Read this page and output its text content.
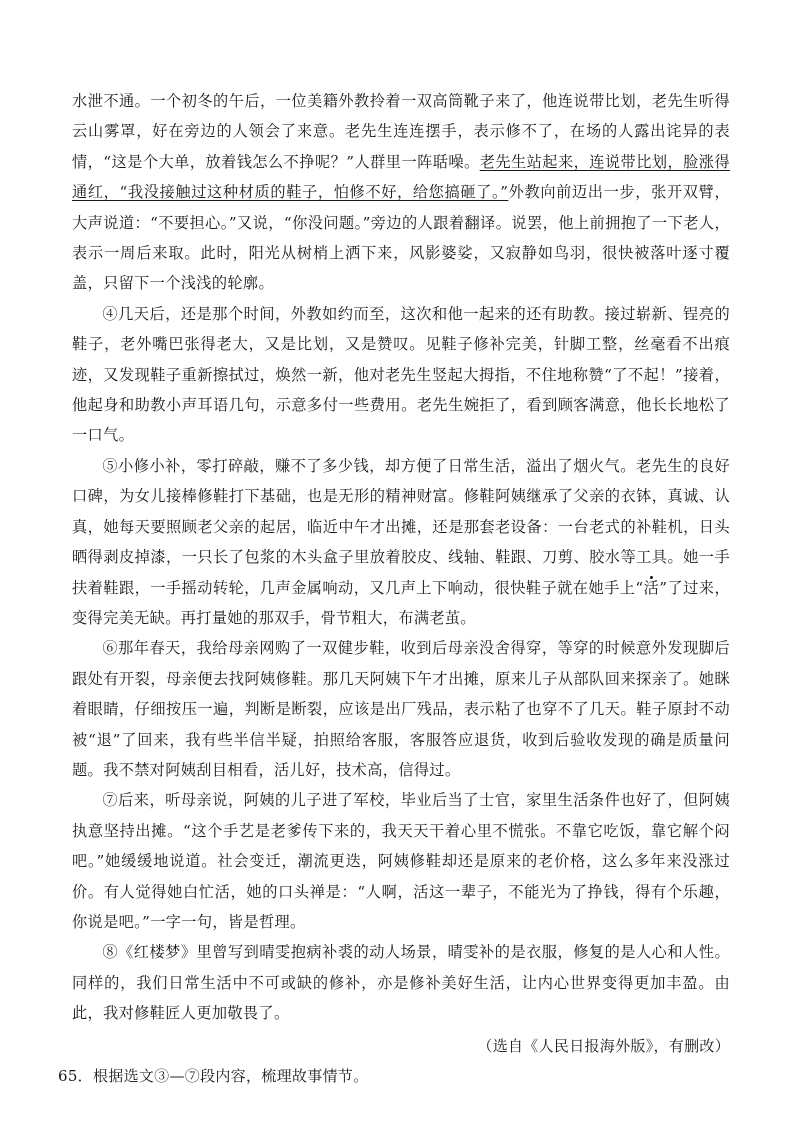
水泄不通。一个初冬的午后，一位美籍外教拎着一双高筒靴子来了，他连说带比划，老先生听得云山雾罩，好在旁边的人领会了来意。老先生连连摆手，表示修不了，在场的人露出诧异的表情，“这是个大单，放着钱怎么不挣呢？”人群里一阵聒噪。老先生站起来，连说带比划，脸涨得通红，“我没接触过这种材质的鞋子，怕修不好，给您搞砸了。”外教向前迈出一步，张开双臂，大声说道：“不要担心。”又说，“你没问题。”旁边的人跟着翻译。说罢，他上前拥抱了一下老人，表示一周后来取。此时，阳光从树梢上洒下来，风影婆娑，又寂静如鸟羽，很快被落叶逐寸覆盖，只留下一个浅浅的轮廓。

④几天后，还是那个时间，外教如约而至，这次和他一起来的还有助教。接过崭新、锃亮的鞋子，老外嘴巴张得老大，又是比划，又是赞叹。见鞋子修补完美，针脚工整，丝毫看不出痕迹，又发现鞋子重新擦拭过，焕然一新，他对老先生竖起大拇指，不住地称赞“了不起！”接着，他起身和助教小声耳语几句，示意多付一些费用。老先生婉拒了，看到顾客满意，他长长地松了一口气。

⑤小修小补，零打碎敲，赚不了多少钱，却方便了日常生活，溢出了烟火气。老先生的良好口碑，为女儿接棒修鞋打下基础，也是无形的精神财富。修鞋阿姨继承了父亲的衣钵，真诚、认真，她每天要照顾老父亲的起居，临近中午才出摊，还是那套老设备：一台老式的补鞋机，日头晒得剥皮掉漆，一只长了包浆的木头盒子里放着胶皮、线轴、鞋跟、刀剪、胶水等工具。她一手扶着鞋跟，一手摇动转轮，几声金属响动，又几声上下响动，很快鞋子就在她手上“活”了过来，变得完美无缺。再打量她的那双手，骨节粗大，布满老茧。

⑥那年春天，我给母亲网购了一双健步鞋，收到后母亲没舍得穿，等穿的时候意外发现脚后跟处有开裂，母亲便去找阿姨修鞋。那几天阿姨下午才出摊，原来儿子从部队回来探亲了。她眯着眼睛，仔细按压一遍，判断是断裂，应该是出厂残品，表示粘了也穿不了几天。鞋子原封不动被“退”了回来，我有些半信半疑，拍照给客服，客服答应退货，收到后验收发现的确是质量问题。我不禁对阿姨刮目相看，活儿好，技术高，信得过。

⑦后来，听母亲说，阿姨的儿子进了军校，毕业后当了士官，家里生活条件也好了，但阿姨执意坚持出摊。“这个手艺是老爹传下来的，我天天干着心里不慌张。不靠它吃饭，靠它解个闷吧。”她缓缓地说道。社会变迁，潮流更迭，阿姨修鞋却还是原来的老价格，这么多年来没涨过价。有人觉得她白忙活，她的口头禅是：“人啊，活这一辈子，不能光为了挣钱，得有个乐趣，你说是吧。”一字一句，皆是哲理。

⑧《红楼梦》里曾写到晴雯抱病补裘的动人场景，晴雯补的是衣服，修复的是人心和人性。同样的，我们日常生活中不可或缺的修补，亦是修补美好生活，让内心世界变得更加丰盈。由此，我对修鞋匠人更加敬畏了。

（选自《人民日报海外版》，有删改）

65．根据选文③—⑦段内容，梳理故事情节。
